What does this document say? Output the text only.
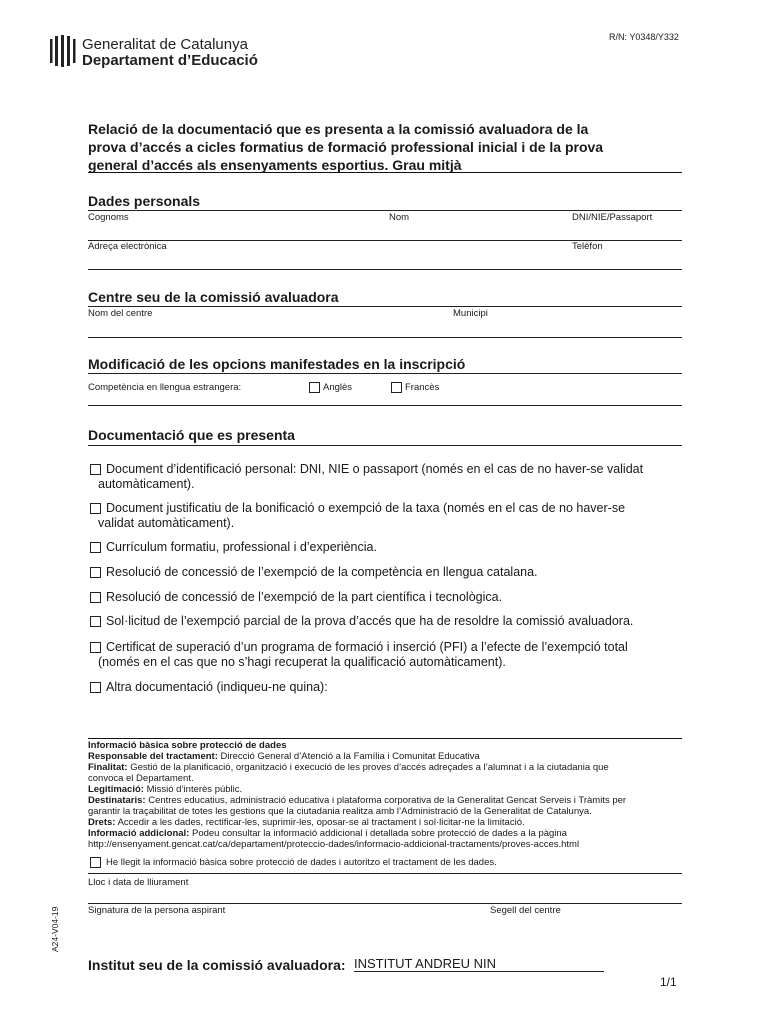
R/N: Y0348/Y332
Generalitat de Catalunya
Departament d’Educació
Relació de la documentació que es presenta a la comissió avaluadora de la
prova d’accés a cicles formatius de formació professional inicial i de la prova
general d’accés als ensenyaments esportius. Grau mitjà
Dades personals
Cognoms	Nom	DNI/NIE/Passaport
Adreça electrònica	Telèfon
Centre seu de la comissió avaluadora
Nom del centre	Municipi
Modificació de les opcions manifestades en la inscripció
Competència en llengua estrangera:	Anglès	Francès
Documentació que es presenta
Document d’identificació personal: DNI, NIE o passaport (només en el cas de no haver-se validat
automàticament).
Document justificatiu de la bonificació o exempció de la taxa (només en el cas de no haver-se
validat automàticament).
Currículum formatiu, professional i d’experiència.
Resolució de concessió de l’exempció de la competència en llengua catalana.
Resolució de concessió de l’exempció de la part científica i tecnològica.
Sol·licitud de l’exempció parcial de la prova d’accés que ha de resoldre la comissió avaluadora.
Certificat de superació d’un programa de formació i inserció (PFI) a l’efecte de l’exempció total
(només en el cas que no s’hagi recuperat la qualificació automàticament).
Altra documentació (indiqueu-ne quina):
Informació bàsica sobre protecció de dades
Responsable del tractament: Direcció General d’Atenció a la Família i Comunitat Educativa
Finalitat: Gestió de la planificació, organització i execució de les proves d’accés adreçades a l’alumnat i a la ciutadania que
convoca el Departament.
Legitimació: Missió d’interès públic.
Destinataris: Centres educatius, administració educativa i plataforma corporativa de la Generalitat Gencat Serveis i Tràmits per
garantir la traçabilitat de totes les gestions que la ciutadania realitza amb l’Administració de la Generalitat de Catalunya.
Drets: Accedir a les dades, rectificar-les, suprimir-les, oposar-se al tractament i sol·licitar-ne la limitació.
Informació addicional: Podeu consultar la informació addicional i detallada sobre protecció de dades a la pàgina
http://ensenyament.gencat.cat/ca/departament/proteccio-dades/informacio-addicional-tractaments/proves-acces.html
He llegit la informació bàsica sobre protecció de dades i autoritzo el tractament de les dades.
Lloc i data de lliurament
Signatura de la persona aspirant	Segell del centre
A24-V04-19
Institut seu de la comissió avaluadora: INSTITUT ANDREU NIN
1/1
